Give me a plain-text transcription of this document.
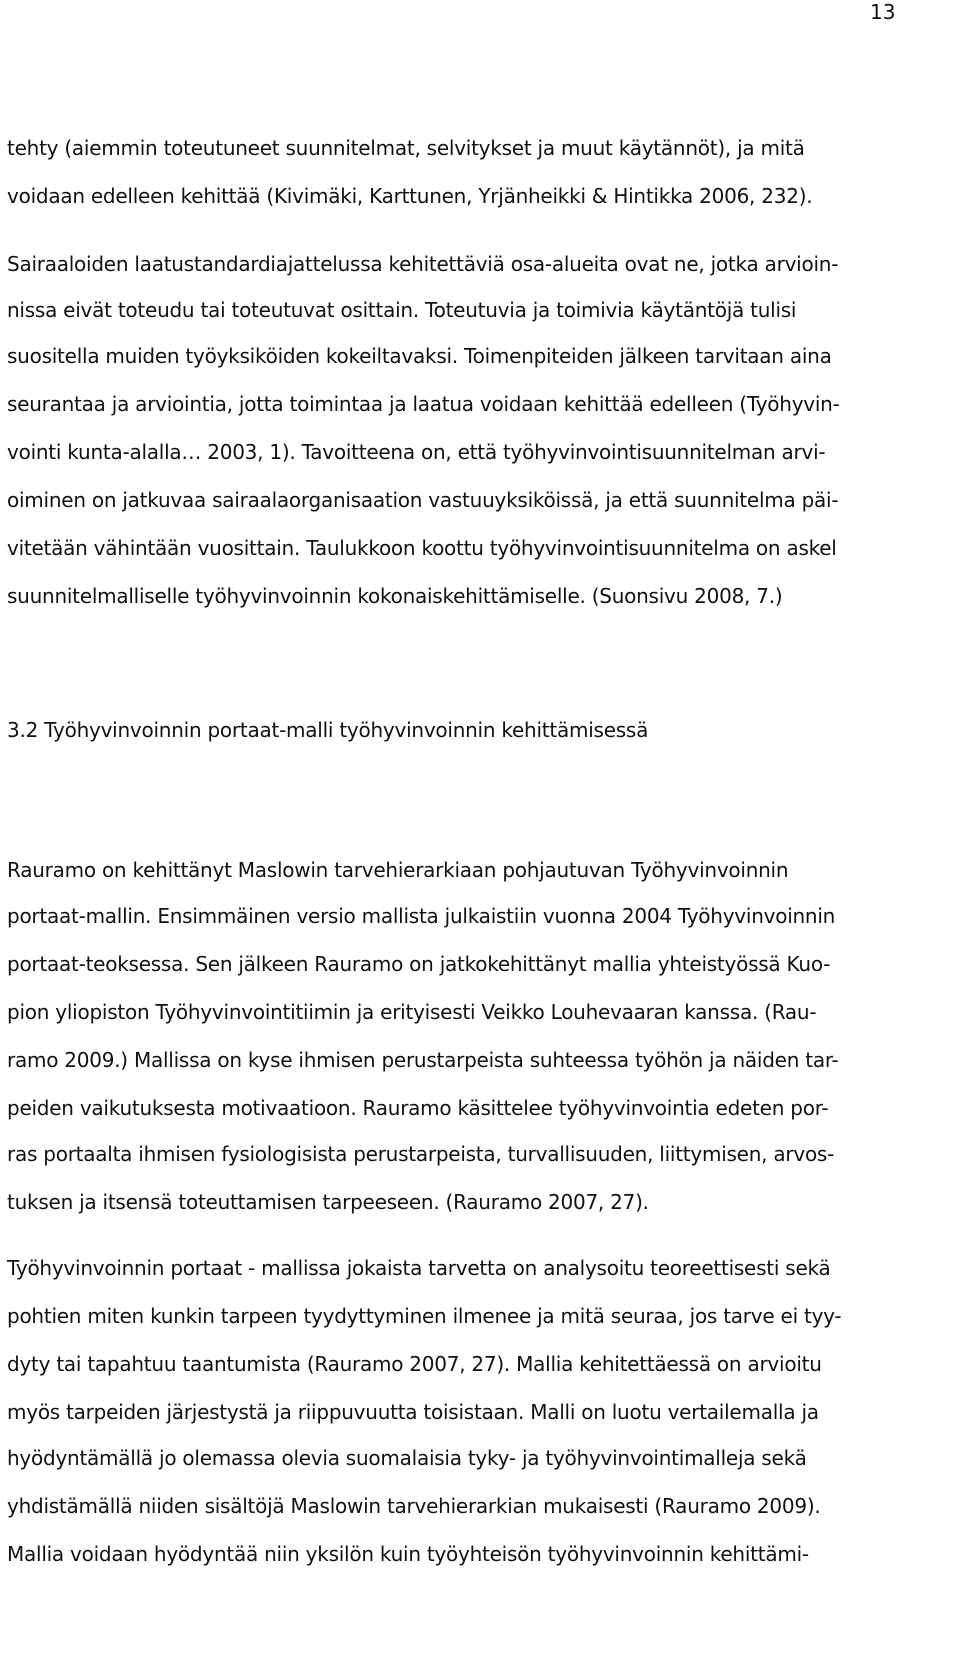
13
tehty (aiemmin toteutuneet suunnitelmat, selvitykset ja muut käytännöt), ja mitä
voidaan edelleen kehittää (Kivimäki, Karttunen, Yrjänheikki & Hintikka 2006, 232).
Sairaaloiden laatustandardiajattelussa kehitettäviä osa-alueita ovat ne, jotka arvioin-
nissa eivät toteudu tai toteutuvat osittain. Toteutuvia ja toimivia käytäntöjä tulisi
suositella muiden työyksiköiden kokeiltavaksi. Toimenpiteiden jälkeen tarvitaan aina
seurantaa ja arviointia, jotta toimintaa ja laatua voidaan kehittää edelleen (Työhyvin-
vointi kunta-alalla… 2003, 1). Tavoitteena on, että työhyvinvointisuunnitelman arvi-
oiminen on jatkuvaa sairaalaorganisaation vastuuyksiköissä, ja että suunnitelma päi-
vitetään vähintään vuosittain. Taulukkoon koottu työhyvinvointisuunnitelma on askel
suunnitelmalliselle työhyvinvoinnin kokonaiskehittämiselle. (Suonsivu 2008, 7.)
3.2 Työhyvinvoinnin portaat-malli työhyvinvoinnin kehittämisessä
Rauramo on kehittänyt Maslowin tarvehierarkiaan pohjautuvan Työhyvinvoinnin
portaat-mallin. Ensimmäinen versio mallista julkaistiin vuonna 2004 Työhyvinvoinnin
portaat-teoksessa. Sen jälkeen Rauramo on jatkokehittänyt mallia yhteistyössä Kuo-
pion yliopiston Työhyvinvointitiimin ja erityisesti Veikko Louhevaaran kanssa. (Rau-
ramo 2009.) Mallissa on kyse ihmisen perustarpeista suhteessa työhön ja näiden tar-
peiden vaikutuksesta motivaatioon. Rauramo käsittelee työhyvinvointia edeten por-
ras portaalta ihmisen fysiologisista perustarpeista, turvallisuuden, liittymisen, arvos-
tuksen ja itsensä toteuttamisen tarpeeseen. (Rauramo 2007, 27).
Työhyvinvoinnin portaat - mallissa jokaista tarvetta on analysoitu teoreettisesti sekä
pohtien miten kunkin tarpeen tyydyttyminen ilmenee ja mitä seuraa, jos tarve ei tyy-
dyty tai tapahtuu taantumista (Rauramo 2007, 27). Mallia kehitettäessä on arvioitu
myös tarpeiden järjestystä ja riippuvuutta toisistaan. Malli on luotu vertailemalla ja
hyödyntämällä jo olemassa olevia suomalaisia tyky- ja työhyvinvointimalleja sekä
yhdistämällä niiden sisältöjä Maslowin tarvehierarkian mukaisesti (Rauramo 2009).
Mallia voidaan hyödyntää niin yksilön kuin työyhteisön työhyvinvoinnin kehittämi-
